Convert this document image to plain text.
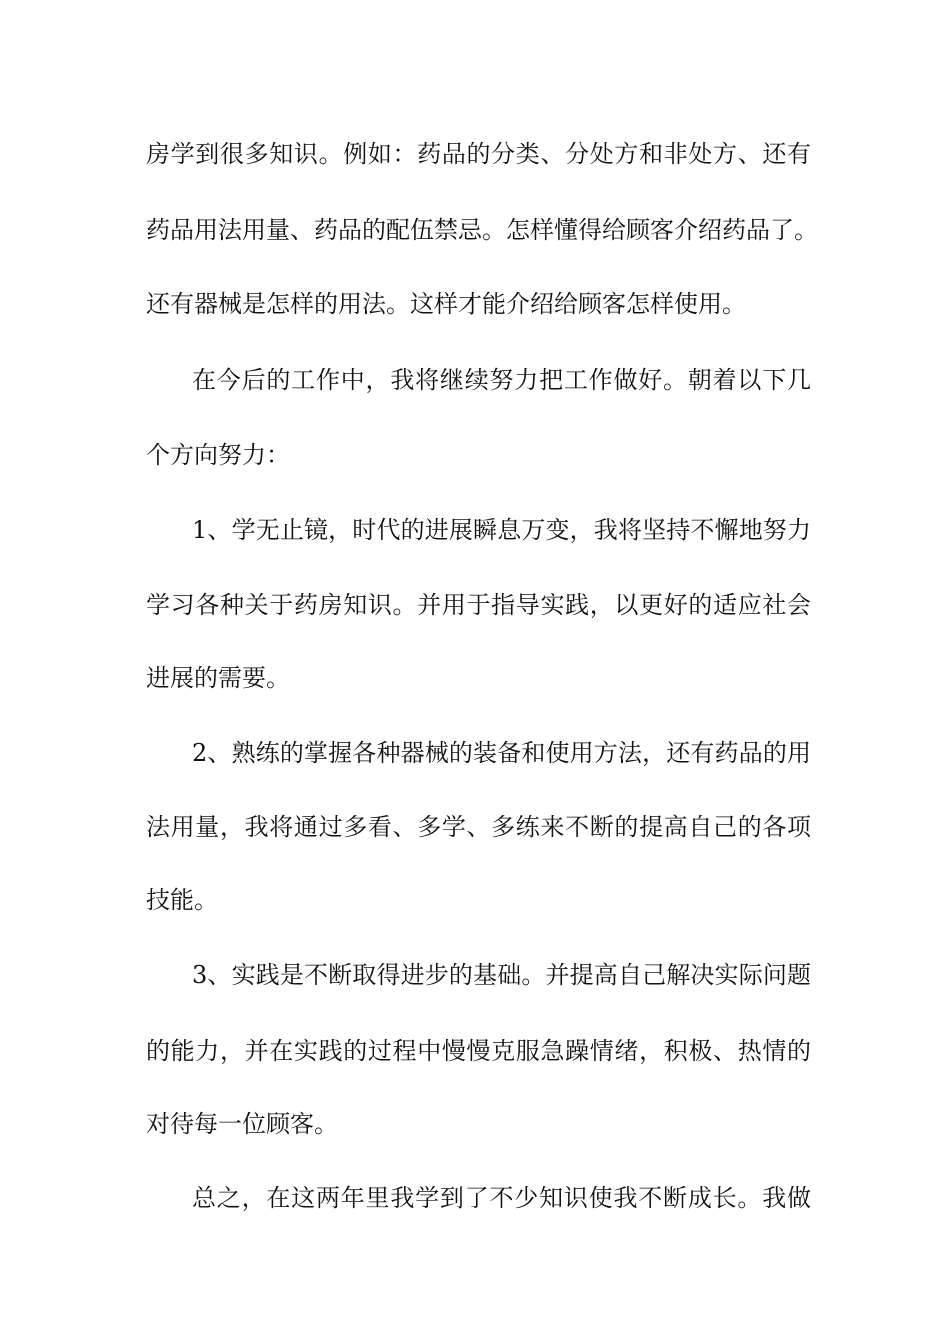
房学到很多知识。例如：药品的分类、分处方和非处方、还有
药品用法用量、药品的配伍禁忌。怎样懂得给顾客介绍药品了。
还有器械是怎样的用法。这样才能介绍给顾客怎样使用。
在今后的工作中，我将继续努力把工作做好。朝着以下几
个方向努力：
1、学无止镜，时代的进展瞬息万变，我将坚持不懈地努力
学习各种关于药房知识。并用于指导实践，以更好的适应社会
进展的需要。
2、熟练的掌握各种器械的装备和使用方法，还有药品的用
法用量，我将通过多看、多学、多练来不断的提高自己的各项
技能。
3、实践是不断取得进步的基础。并提高自己解决实际问题
的能力，并在实践的过程中慢慢克服急躁情绪，积极、热情的
对待每一位顾客。
总之，在这两年里我学到了不少知识使我不断成长。我做
